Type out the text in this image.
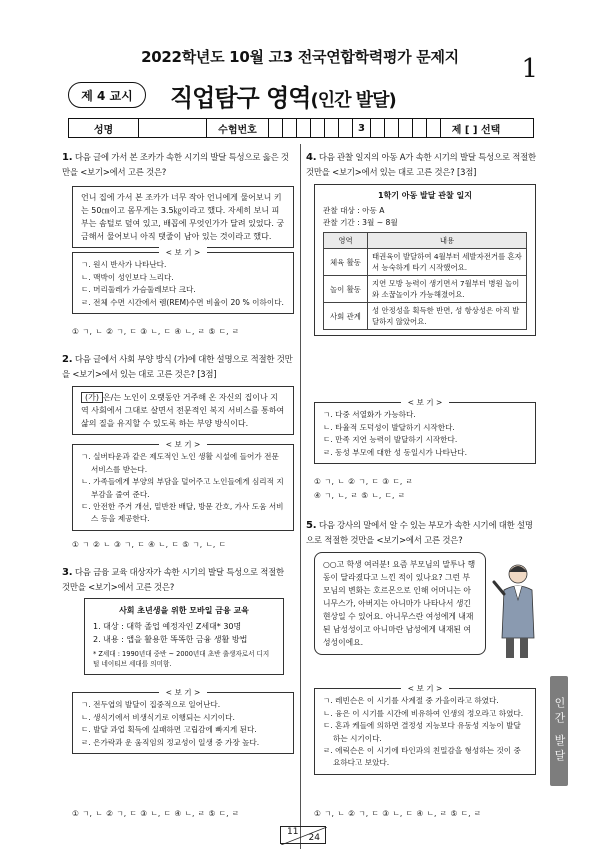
2022학년도 10월 고3 전국연합학력평가 문제지	1
제 4 교시	직업탐구 영역(인간 발달)
성명	수험번호	3	제 [ ] 선택
1. 다음 글에 가서 본 조카가 속한 시기의 발달 특성으로 옳은 것만을 <보기>에서 고른 것은?
언니 집에 가서 본 조카가 너무 작아 언니에게 물어보니 키는 50㎝이고 몸무게는 3.5㎏이라고 했다. 자세히 보니 피부는 솜털로 덮여 있고, 배꼽에 무엇인가가 달려 있었다. 궁금해서 물어보니 아직 탯줄이 남아 있는 것이라고 했다.
< 보 기 >
ㄱ. 원시 반사가 나타난다.
ㄴ. 맥박이 성인보다 느리다.
ㄷ. 머리둘레가 가슴둘레보다 크다.
ㄹ. 전체 수면 시간에서 렘(REM)수면 비율이 20 % 이하이다.
① ㄱ, ㄴ ② ㄱ, ㄷ ③ ㄴ, ㄷ ④ ㄴ, ㄹ ⑤ ㄷ, ㄹ
2. 다음 글에서 사회 부양 방식 (가)에 대한 설명으로 적절한 것만을 <보기>에서 있는 대로 고른 것은? [3점]
(가) 은/는 노인이 오랫동안 거주해 온 자신의 집이나 지역 사회에서 그대로 살면서 전문적인 복지 서비스를 통하여 삶의 질을 유지할 수 있도록 하는 부양 방식이다.
< 보 기 >
ㄱ. 실버타운과 같은 제도적인 노인 생활 시설에 들어가 전문 서비스를 받는다.
ㄴ. 가족들에게 부양의 부담을 덜어주고 노인들에게 심리적 지부감을 줄여 준다.
ㄷ. 안전한 주거 개선, 밑반찬 배달, 방문 간호, 가사 도움 서비스 등을 제공한다.
① ㄱ ② ㄴ ③ ㄱ, ㄷ ④ ㄴ, ㄷ ⑤ ㄱ, ㄴ, ㄷ
3. 다음 금융 교육 대상자가 속한 시기의 발달 특성으로 적절한 것만을 <보기>에서 고른 것은?
사회 초년생을 위한 모바일 금융 교육
1. 대상 : 대학 졸업 예정자인 Z세대* 30명
2. 내용 : 앱을 활용한 똑똑한 금융 생활 방법
* Z세대 : 1990년대 중반 ~ 2000년대 초반 출생자로서 디지털 네이티브 세대를 의미함.
< 보 기 >
ㄱ. 전두엽의 발달이 집중적으로 일어난다.
ㄴ. 생식기에서 비생식기로 이행되는 시기이다.
ㄷ. 발달 과업 획득에 실패하면 고립감에 빠지게 된다.
ㄹ. 은가락과 운 움직임의 정교성이 일생 중 가장 높다.
① ㄱ, ㄴ ② ㄱ, ㄷ ③ ㄴ, ㄷ ④ ㄴ, ㄹ ⑤ ㄷ, ㄹ
4. 다음 관찰 일지의 아동 A가 속한 시기의 발달 특성으로 적절한 것만을 <보기>에서 있는 대로 고른 것은? [3점]
1학기 아동 발달 관찰 일지
관찰 대상 : 아동 A
관찰 기간 : 3월 ~ 8월
영역	내용
체육 활동	태권육이 발달하여 4월부터 세발자전거를 혼자서 능숙하게 타기 시작했어요.
놀이 활동	지연 모방 능력이 생기면서 7월부터 병원 놀이와 소꿉놀이가 가능해졌어요.
사회 관계	성 안정성을 획득한 반면, 성 항상성은 아직 발달하지 않았어요.
< 보 기 >
ㄱ. 다중 서열화가 가능하다.
ㄴ. 타율적 도덕성이 발달하기 시작한다.
ㄷ. 만족 지연 능력이 발달하기 시작한다.
ㄹ. 동성 부모에 대한 성 동일시가 나타난다.
① ㄱ, ㄴ ② ㄱ, ㄷ ③ ㄷ, ㄹ
④ ㄱ, ㄴ, ㄹ ⑤ ㄴ, ㄷ, ㄹ
5. 다음 강사의 말에서 알 수 있는 부모가 속한 시기에 대한 설명으로 적절한 것만을 <보기>에서 고른 것은?
○○고 학생 여러분! 요즘 부모님의 말투나 행동이 달라졌다고 느낀 적이 있나요? 그런 부모님의 변화는 호르몬으로 인해 어머니는 아니무스가, 아버지는 아니마가 나타나서 생긴 현상일 수 있어요. 아니무스란 여성에게 내재된 남성성이고 아니마란 남성에게 내재된 여성성이에요.
< 보 기 >
ㄱ. 레빈슨은 이 시기를 사계절 중 가을이라고 하였다.
ㄴ. 융은 이 시기를 시간에 비유하여 인생의 정오라고 하였다.
ㄷ. 혼과 케들에 의하면 결정성 지능보다 유동성 지능이 발달하는 시기이다.
ㄹ. 에릭슨은 이 시기에 타인과의 친밀감을 형성하는 것이 중요하다고 보았다.
① ㄱ, ㄴ ② ㄱ, ㄷ ③ ㄴ, ㄷ ④ ㄴ, ㄹ ⑤ ㄷ, ㄹ
인간 발달
11
24
